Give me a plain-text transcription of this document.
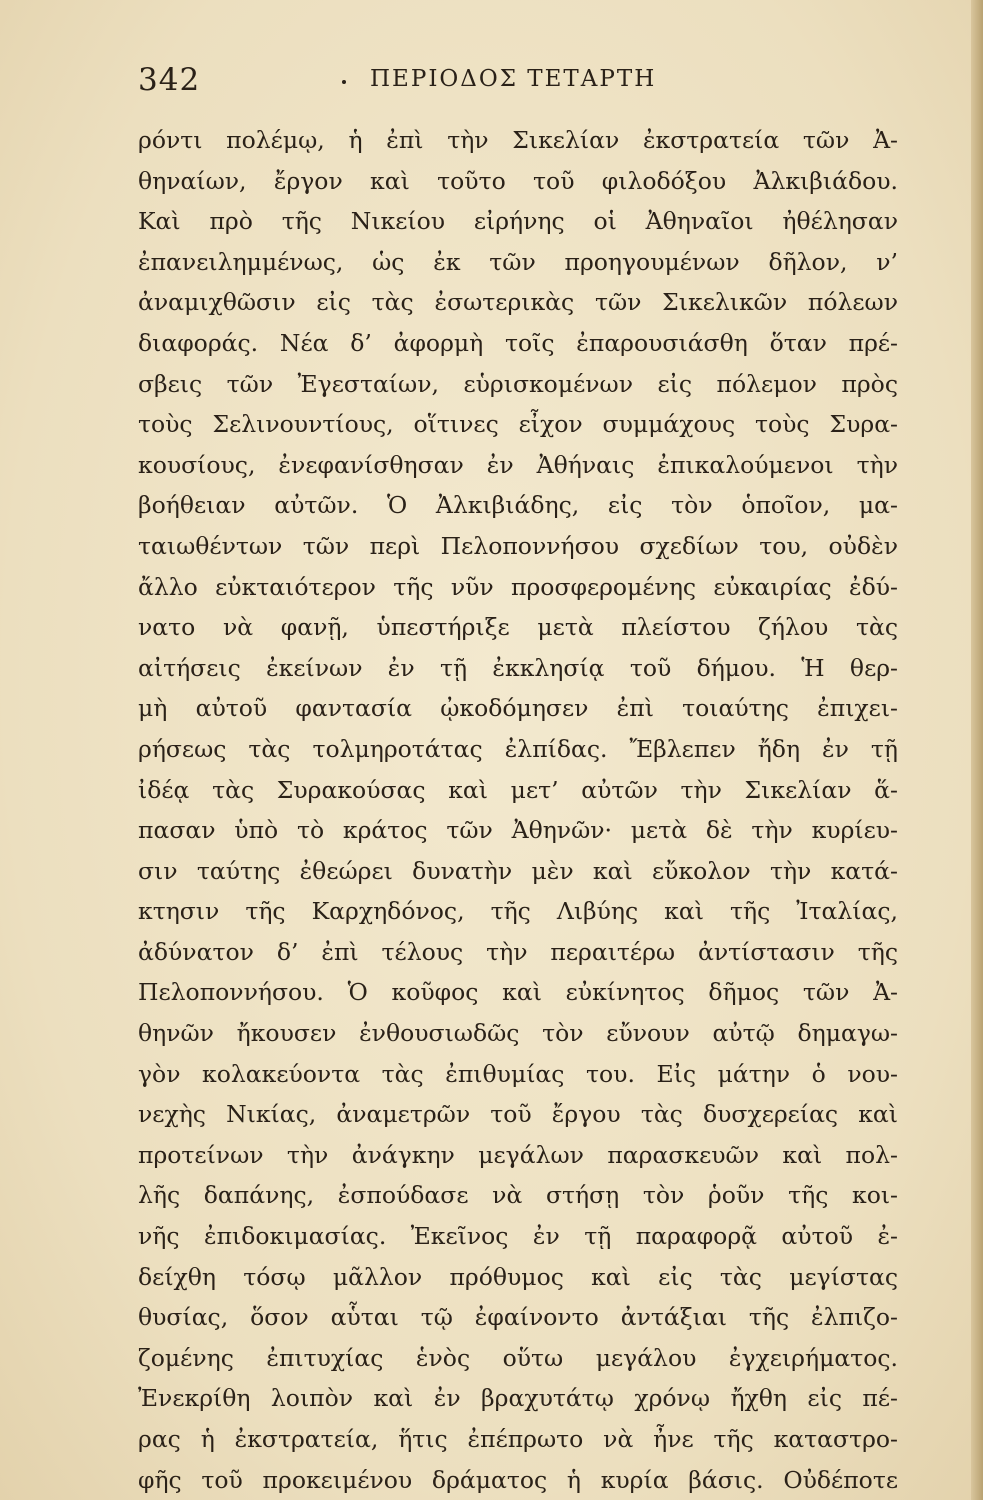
342	ΠΕΡΙΟΔΟΣ ΤΕΤΑΡΤΗ
ρόντι πολέμῳ, ἡ ἐπὶ τὴν Σικελίαν ἐκστρατεία τῶν Ἀ-
θηναίων, ἔργον καὶ τοῦτο τοῦ φιλοδόξου Ἀλκιβιάδου.
Καὶ πρὸ τῆς Νικείου εἰρήνης οἱ Ἀθηναῖοι ἠθέλησαν
ἐπανειλημμένως, ὡς ἐκ τῶν προηγουμένων δῆλον, ν’
ἀναμιχθῶσιν εἰς τὰς ἐσωτερικὰς τῶν Σικελικῶν πόλεων
διαφοράς. Νέα δ’ ἀφορμὴ τοῖς ἐπαρουσιάσθη ὅταν πρέ-
σβεις τῶν Ἐγεσταίων, εὑρισκομένων εἰς πόλεμον πρὸς
τοὺς Σελινουντίους, οἵτινες εἶχον συμμάχους τοὺς Συρα-
κουσίους, ἐνεφανίσθησαν ἐν Ἀθήναις ἐπικαλούμενοι τὴν
βοήθειαν αὐτῶν. Ὁ Ἀλκιβιάδης, εἰς τὸν ὁποῖον, μα-
ταιωθέντων τῶν περὶ Πελοποννήσου σχεδίων του, οὐδὲν
ἄλλο εὐκταιότερον τῆς νῦν προσφερομένης εὐκαιρίας ἐδύ-
νατο νὰ φανῇ, ὑπεστήριξε μετὰ πλείστου ζήλου τὰς
αἰτήσεις ἐκείνων ἐν τῇ ἐκκλησίᾳ τοῦ δήμου. Ἡ θερ-
μὴ αὐτοῦ φαντασία ᾠκοδόμησεν ἐπὶ τοιαύτης ἐπιχει-
ρήσεως τὰς τολμηροτάτας ἐλπίδας. Ἔβλεπεν ἤδη ἐν τῇ
ἰδέᾳ τὰς Συρακούσας καὶ μετ’ αὐτῶν τὴν Σικελίαν ἅ-
πασαν ὑπὸ τὸ κράτος τῶν Ἀθηνῶν· μετὰ δὲ τὴν κυρίευ-
σιν ταύτης ἐθεώρει δυνατὴν μὲν καὶ εὔκολον τὴν κατά-
κτησιν τῆς Καρχηδόνος, τῆς Λιβύης καὶ τῆς Ἰταλίας,
ἀδύνατον δ’ ἐπὶ τέλους τὴν περαιτέρω ἀντίστασιν τῆς
Πελοποννήσου. Ὁ κοῦφος καὶ εὐκίνητος δῆμος τῶν Ἀ-
θηνῶν ἤκουσεν ἐνθουσιωδῶς τὸν εὔνουν αὐτῷ δημαγω-
γὸν κολακεύοντα τὰς ἐπιθυμίας του. Εἰς μάτην ὁ νου-
νεχὴς Νικίας, ἀναμετρῶν τοῦ ἔργου τὰς δυσχερείας καὶ
προτείνων τὴν ἀνάγκην μεγάλων παρασκευῶν καὶ πολ-
λῆς δαπάνης, ἐσπούδασε νὰ στήσῃ τὸν ῥοῦν τῆς κοι-
νῆς ἐπιδοκιμασίας. Ἐκεῖνος ἐν τῇ παραφορᾷ αὐτοῦ ἐ-
δείχθη τόσῳ μᾶλλον πρόθυμος καὶ εἰς τὰς μεγίστας
θυσίας, ὅσον αὗται τῷ ἐφαίνοντο ἀντάξιαι τῆς ἐλπιζο-
ζομένης ἐπιτυχίας ἑνὸς οὕτω μεγάλου ἐγχειρήματος.
Ἐνεκρίθη λοιπὸν καὶ ἐν βραχυτάτῳ χρόνῳ ἤχθη εἰς πέ-
ρας ἡ ἐκστρατεία, ἥτις ἐπέπρωτο νὰ ἦνε τῆς καταστρο-
φῆς τοῦ προκειμένου δράματος ἡ κυρία βάσις. Οὐδέποτε
